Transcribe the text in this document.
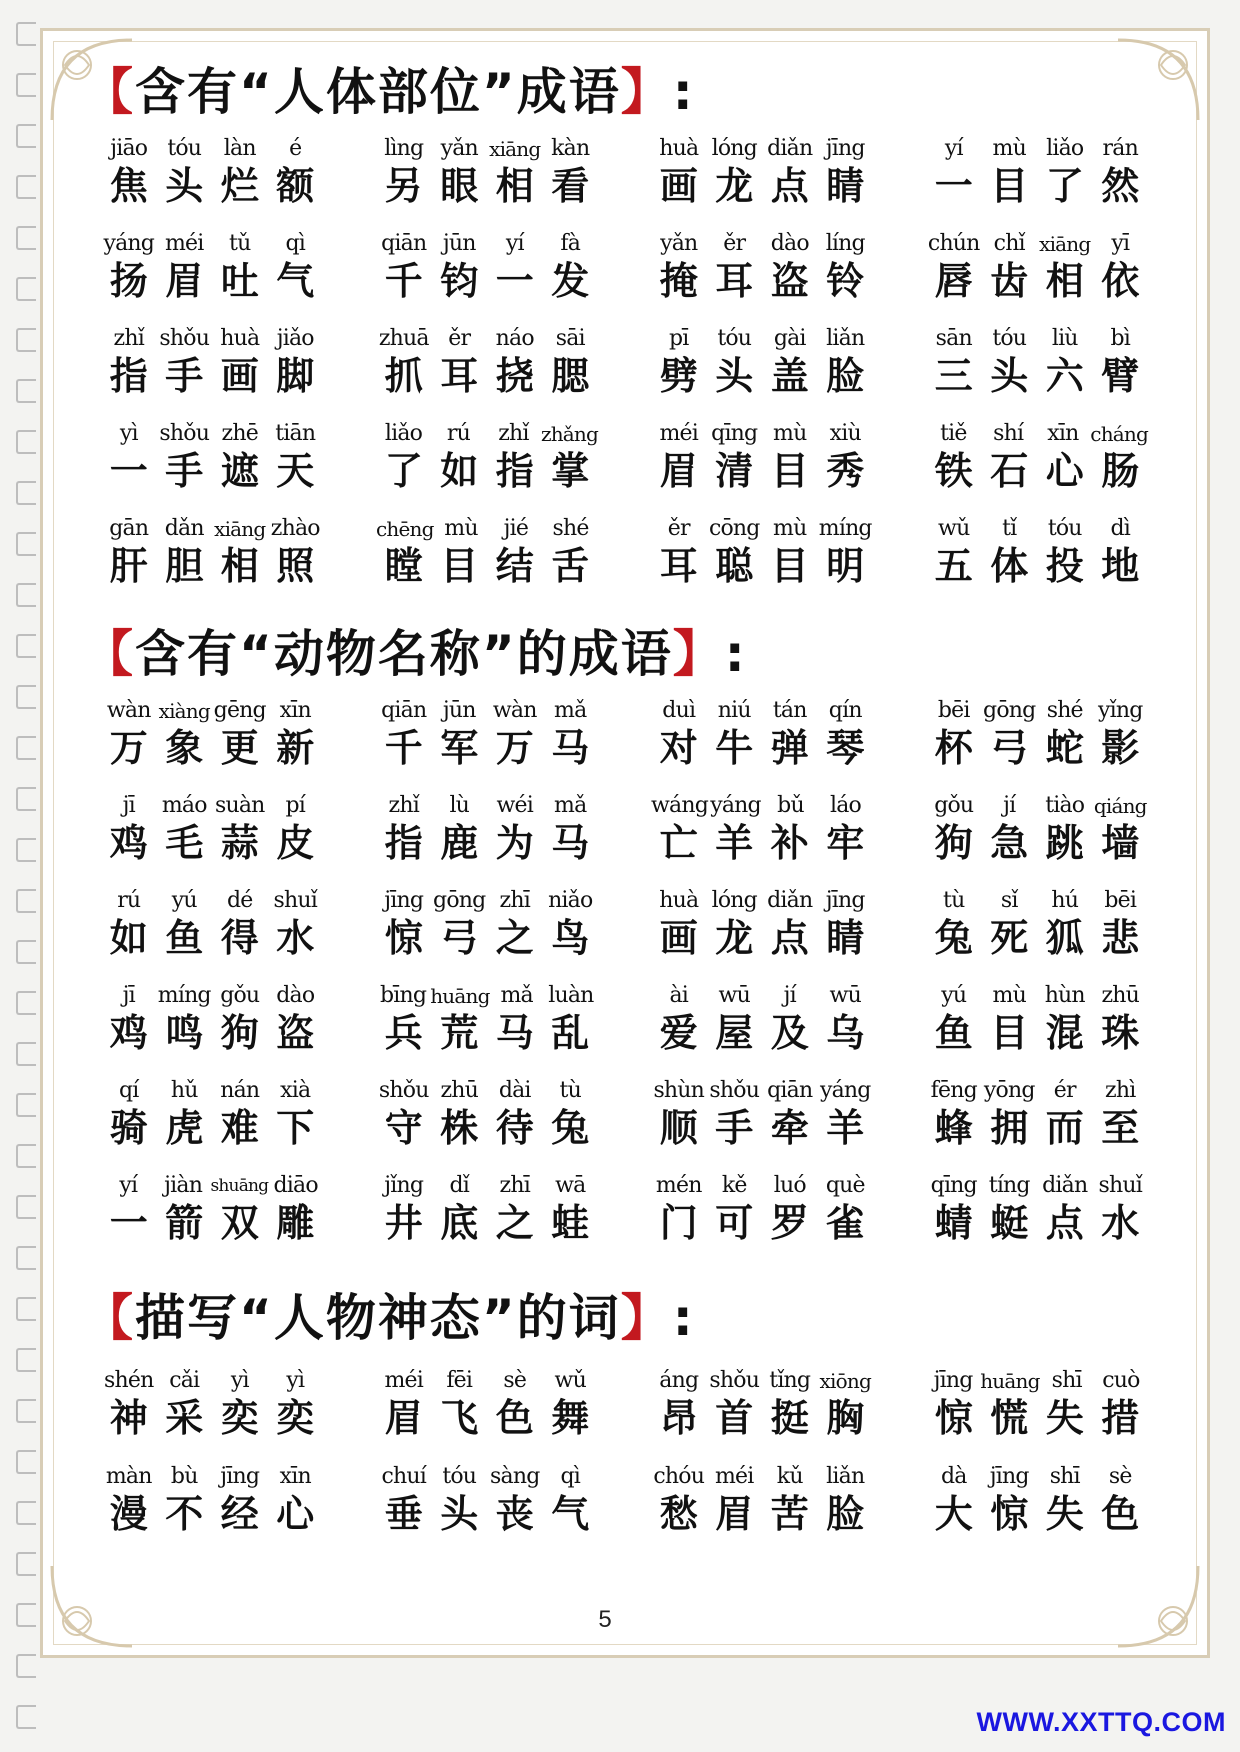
【含有“人体部位”成语】:
jiāo tóu	làn	é
焦 头 烂 额
lìng yǎn xiāng kàn
另 眼 相 看
huà lóng diǎn jīng
画 龙 点 睛
yí	mù liǎo rán
一 目 了 然
yáng méi	tǔ	qì
扬 眉 吐 气
qiān jūn	yí	fà
千 钧 一 发
yǎn	ěr	dào líng
掩 耳 盗 铃
chún chǐ xiāng yī
唇 齿 相 依
zhǐ shǒu huà jiǎo
指 手 画 脚
zhuā ěr	náo sāi
抓 耳 挠 腮
pī	tóu	gài liǎn
劈 头 盖 脸
sān tóu	liù	bì
三 头 六 臂
yì shǒu zhē tiān
一 手 遮 天
liǎo	rú	zhǐ zhǎng
了 如 指 掌
méi qīng mù	xiù
眉 清 目 秀
tiě	shí	xīn cháng
铁 石 心 肠
gān dǎn xiāng zhào
肝 胆 相 照
chēng mù	jié	shé
瞠 目 结 舌
ěr cōng mù míng
耳 聪 目 明
wǔ	tǐ	tóu	dì
五 体 投 地
【含有“动物名称”的成语】:
wàn xiàng gēng xīn
万 象 更 新
qiān jūn wàn mǎ
千 军 万 马
duì	niú	tán	qín
对 牛 弹 琴
bēi gōng shé yǐng
杯 弓 蛇 影
jī	máo suàn pí
鸡 毛 蒜 皮
zhǐ	lù	wéi mǎ
指 鹿 为 马
wáng yáng bǔ	láo
亡 羊 补 牢
gǒu	jí	tiào qiáng
狗 急 跳 墙
rú	yú	dé shuǐ
如 鱼 得 水
jīng gōng zhī niǎo
惊 弓 之 鸟
huà lóng diǎn jīng
画 龙 点 睛
tù	sǐ	hú	bēi
兔 死 狐 悲
jī	míng gǒu dào
鸡 鸣 狗 盗
bīng huāng mǎ luàn
兵 荒 马 乱
ài	wū	jí	wū
爱 屋 及 乌
yú	mù hùn zhū
鱼 目 混 珠
qí	hǔ	nán xià
骑 虎 难 下
shǒu zhū dài	tù
守 株 待 兔
shùn shǒu qiān yáng
顺 手 牵 羊
fēng yōng ér	zhì
蜂 拥 而 至
yí	jiàn shuāng diāo
一 箭 双 雕
jǐng	dǐ	zhī	wā
井 底 之 蛙
mén kě	luó què
门 可 罗 雀
qīng tíng diǎn shuǐ
蜻 蜓 点 水
【描写“人物神态”的词】:
shén cǎi	yì	yì
神 采 奕 奕
méi	fēi	sè	wǔ
眉 飞 色 舞
áng shǒu tǐng xiōng
昂 首 挺 胸
jīng huāng shī cuò
惊 慌 失 措
màn bù	jīng xīn
漫 不 经 心
chuí tóu sàng qì
垂 头 丧 气
chóu méi	kǔ	liǎn
愁 眉 苦 脸
dà	jīng shī	sè
大 惊 失 色
5
WWW.XXTTQ.COM
